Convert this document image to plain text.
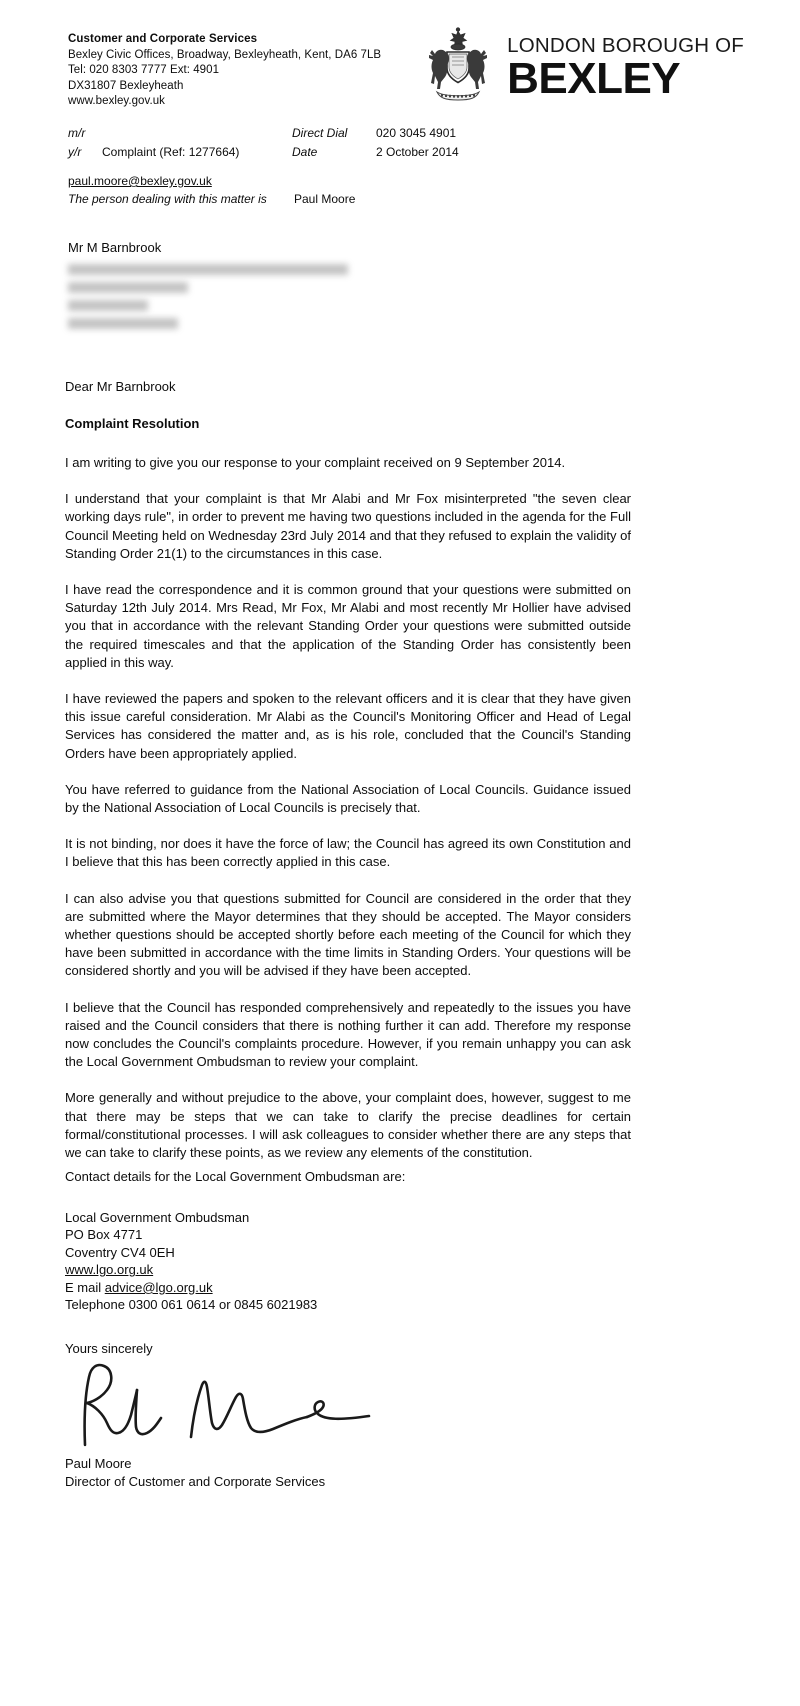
Customer and Corporate Services
Bexley Civic Offices, Broadway, Bexleyheath, Kent, DA6 7LB
Tel: 020 8303 7777 Ext: 4901
DX31807 Bexleyheath
www.bexley.gov.uk
LONDON BOROUGH OF
BEXLEY
m/r	Direct Dial	020 3045 4901
y/r	Complaint (Ref: 1277664)	Date	2 October 2014
paul.moore@bexley.gov.uk
The person dealing with this matter is	Paul Moore
Mr M Barnbrook
Dear Mr Barnbrook
Complaint Resolution

I am writing to give you our response to your complaint received on 9 September 2014.

I understand that your complaint is that Mr Alabi and Mr Fox misinterpreted "the seven clear working days rule", in order to prevent me having two questions included in the agenda for the Full Council Meeting held on Wednesday 23rd July 2014 and that they refused to explain the validity of Standing Order 21(1) to the circumstances in this case.

I have read the correspondence and it is common ground that your questions were submitted on Saturday 12th July 2014. Mrs Read, Mr Fox, Mr Alabi and most recently Mr Hollier have advised you that in accordance with the relevant Standing Order your questions were submitted outside the required timescales and that the application of the Standing Order has consistently been applied in this way.

I have reviewed the papers and spoken to the relevant officers and it is clear that they have given this issue careful consideration. Mr Alabi as the Council's Monitoring Officer and Head of Legal Services has considered the matter and, as is his role, concluded that the Council's Standing Orders have been appropriately applied.

You have referred to guidance from the National Association of Local Councils. Guidance issued by the National Association of Local Councils is precisely that.

It is not binding, nor does it have the force of law; the Council has agreed its own Constitution and I believe that this has been correctly applied in this case.

I can also advise you that questions submitted for Council are considered in the order that they are submitted where the Mayor determines that they should be accepted. The Mayor considers whether questions should be accepted shortly before each meeting of the Council for which they have been submitted in accordance with the time limits in Standing Orders. Your questions will be considered shortly and you will be advised if they have been accepted.

I believe that the Council has responded comprehensively and repeatedly to the issues you have raised and the Council considers that there is nothing further it can add. Therefore my response now concludes the Council's complaints procedure. However, if you remain unhappy you can ask the Local Government Ombudsman to review your complaint.

More generally and without prejudice to the above, your complaint does, however, suggest to me that there may be steps that we can take to clarify the precise deadlines for certain formal/constitutional processes. I will ask colleagues to consider whether there are any steps that we can take to clarify these points, as we review any elements of the constitution.

Contact details for the Local Government Ombudsman are:
Local Government Ombudsman
PO Box 4771
Coventry CV4 0EH
www.lgo.org.uk
E mail advice@lgo.org.uk
Telephone 0300 061 0614 or 0845 6021983
Yours sincerely
Paul Moore
Director of Customer and Corporate Services
